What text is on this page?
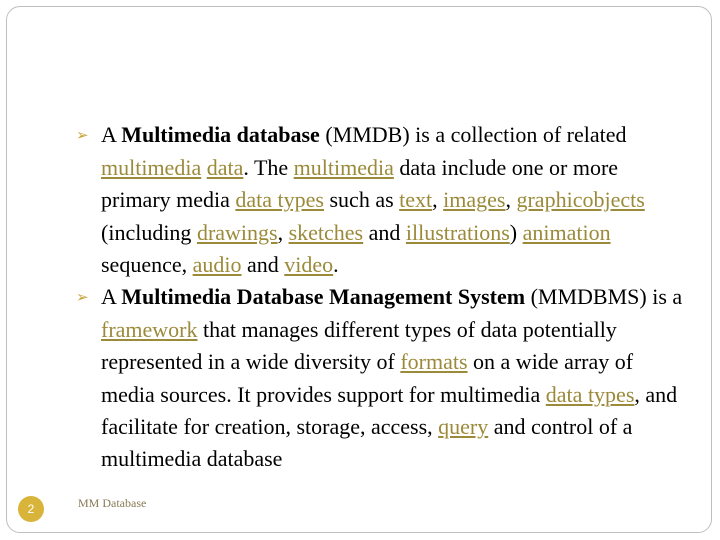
➢ A Multimedia database (MMDB) is a collection of related multimedia data. The multimedia data include one or more primary media data types such as text, images, graphicobjects (including drawings, sketches and illustrations) animation sequence, audio and video.

➢ A Multimedia Database Management System (MMDBMS) is a framework that manages different types of data potentially represented in a wide diversity of formats on a wide array of media sources. It provides support for multimedia data types, and facilitate for creation, storage, access, query and control of a multimedia database

2	MM Database
